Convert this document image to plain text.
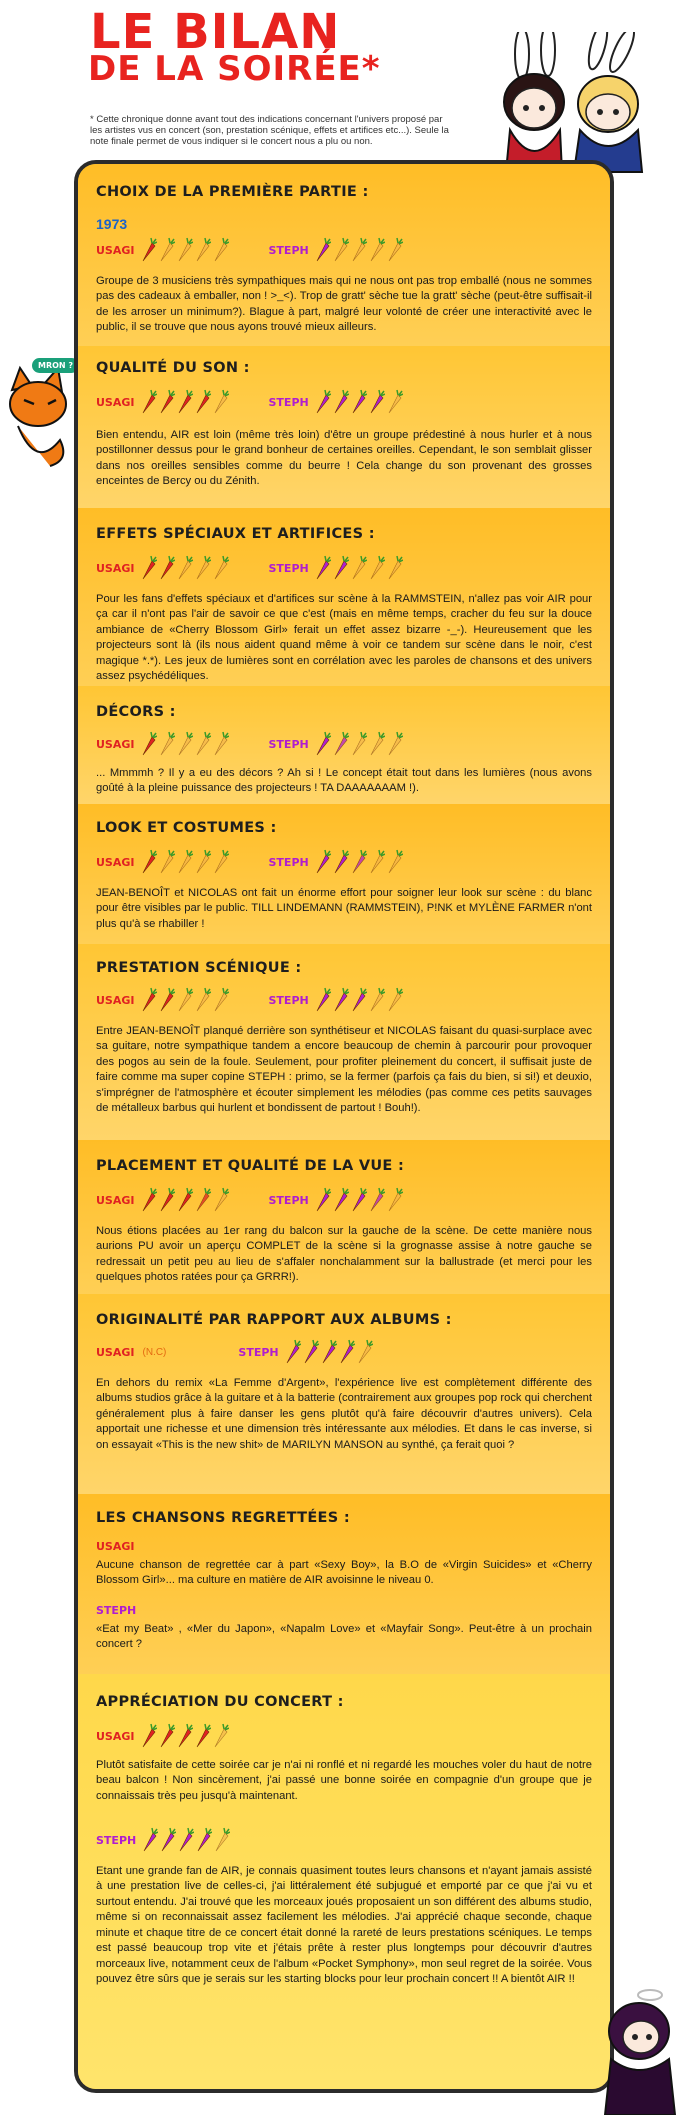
LE BILAN
DE LA SOIRÉE*

* Cette chronique donne avant tout des indications concernant l'univers proposé par les artistes vus en concert (son, prestation scénique, effets et artifices etc...). Seule la note finale permet de vous indiquer si le concert nous a plu ou non.

MRON ?
CHOIX DE LA PREMIÈRE PARTIE :
1973
USAGI	STEPH

Groupe de 3 musiciens très sympathiques mais qui ne nous ont pas trop emballé (nous ne sommes pas des cadeaux à emballer, non ! >_<). Trop de gratt' sèche tue la gratt' sèche (peut-être suffisait-il de les arroser un minimum?). Blague à part, malgré leur volonté de créer une interactivité avec le public, il se trouve que nous ayons trouvé mieux ailleurs.

QUALITÉ DU SON :
USAGI	STEPH

Bien entendu, AIR est loin (même très loin) d'être un groupe prédestiné à nous hurler et à nous postillonner dessus pour le grand bonheur de certaines oreilles. Cependant, le son semblait glisser dans nos oreilles sensibles comme du beurre ! Cela change du son provenant des grosses enceintes de Bercy ou du Zénith.

EFFETS SPÉCIAUX ET ARTIFICES :
USAGI	STEPH

Pour les fans d'effets spéciaux et d'artifices sur scène à la RAMMSTEIN, n'allez pas voir AIR pour ça car il n'ont pas l'air de savoir ce que c'est (mais en même temps, cracher du feu sur la douce ambiance de «Cherry Blossom Girl» ferait un effet assez bizarre -_-). Heureusement que les projecteurs sont là (ils nous aident quand même à voir ce tandem sur scène dans le noir, c'est magique *.*). Les jeux de lumières sont en corrélation avec les paroles de chansons et des univers assez psychédéliques.

DÉCORS :
USAGI	STEPH

... Mmmmh ? Il y a eu des décors ? Ah si ! Le concept était tout dans les lumières (nous avons goûté à la pleine puissance des projecteurs ! TA DAAAAAAAM !).

LOOK ET COSTUMES :
USAGI	STEPH

JEAN-BENOÎT et NICOLAS ont fait un énorme effort pour soigner leur look sur scène : du blanc pour être visibles par le public. TILL LINDEMANN (RAMMSTEIN), P!NK et MYLÈNE FARMER n'ont plus qu'à se rhabiller !

PRESTATION SCÉNIQUE :
USAGI	STEPH

Entre JEAN-BENOÎT planqué derrière son synthétiseur et NICOLAS faisant du quasi-surplace avec sa guitare, notre sympathique tandem a encore beaucoup de chemin à parcourir pour provoquer des pogos au sein de la foule. Seulement, pour profiter pleinement du concert, il suffisait juste de faire comme ma super copine STEPH : primo, se la fermer (parfois ça fais du bien, si si!) et deuxio, s'imprégner de l'atmosphère et écouter simplement les mélodies (pas comme ces petits sauvages de métalleux barbus qui hurlent et bondissent de partout ! Bouh!).

PLACEMENT ET QUALITÉ DE LA VUE :
USAGI	STEPH

Nous étions placées au 1er rang du balcon sur la gauche de la scène. De cette manière nous aurions PU avoir un aperçu COMPLET de la scène si la grognasse assise à notre gauche se redressait un petit peu au lieu de s'affaler nonchalamment sur la ballustrade (et merci pour les quelques photos ratées pour ça GRRR!).

ORIGINALITÉ PAR RAPPORT AUX ALBUMS :
USAGI (N.C)	STEPH

En dehors du remix «La Femme d'Argent», l'expérience live est complètement différente des albums studios grâce à la guitare et à la batterie (contrairement aux groupes pop rock qui cherchent généralement plus à faire danser les gens plutôt qu'à faire découvrir d'autres univers). Cela apportait une richesse et une dimension très intéressante aux mélodies. Et dans le cas inverse, si on essayait «This is the new shit» de MARILYN MANSON au synthé, ça ferait quoi ?

LES CHANSONS REGRETTÉES :
USAGI

Aucune chanson de regrettée car à part «Sexy Boy», la B.O de «Virgin Suicides» et «Cherry Blossom Girl»... ma culture en matière de AIR avoisinne le niveau 0.

STEPH

«Eat my Beat» , «Mer du Japon», «Napalm Love» et «Mayfair Song». Peut-être à un prochain concert ?

APPRÉCIATION DU CONCERT :
USAGI

Plutôt satisfaite de cette soirée car je n'ai ni ronflé et ni regardé les mouches voler du haut de notre beau balcon ! Non sincèrement, j'ai passé une bonne soirée en compagnie d'un groupe que je connaissais très peu jusqu'à maintenant.

STEPH

Etant une grande fan de AIR, je connais quasiment toutes leurs chansons et n'ayant jamais assisté à une prestation live de celles-ci, j'ai littéralement été subjugué et emporté par ce que j'ai vu et surtout entendu. J'ai trouvé que les morceaux joués proposaient un son différent des albums studio, même si on reconnaissait assez facilement les mélodies. J'ai apprécié chaque seconde, chaque minute et chaque titre de ce concert était donné la rareté de leurs prestations scéniques. Le temps est passé beaucoup trop vite et j'étais prête à rester plus longtemps pour découvrir d'autres morceaux live, notamment ceux de l'album «Pocket Symphony», mon seul regret de la soirée. Vous pouvez être sûrs que je serais sur les starting blocks pour leur prochain concert !! A bientôt AIR !!
